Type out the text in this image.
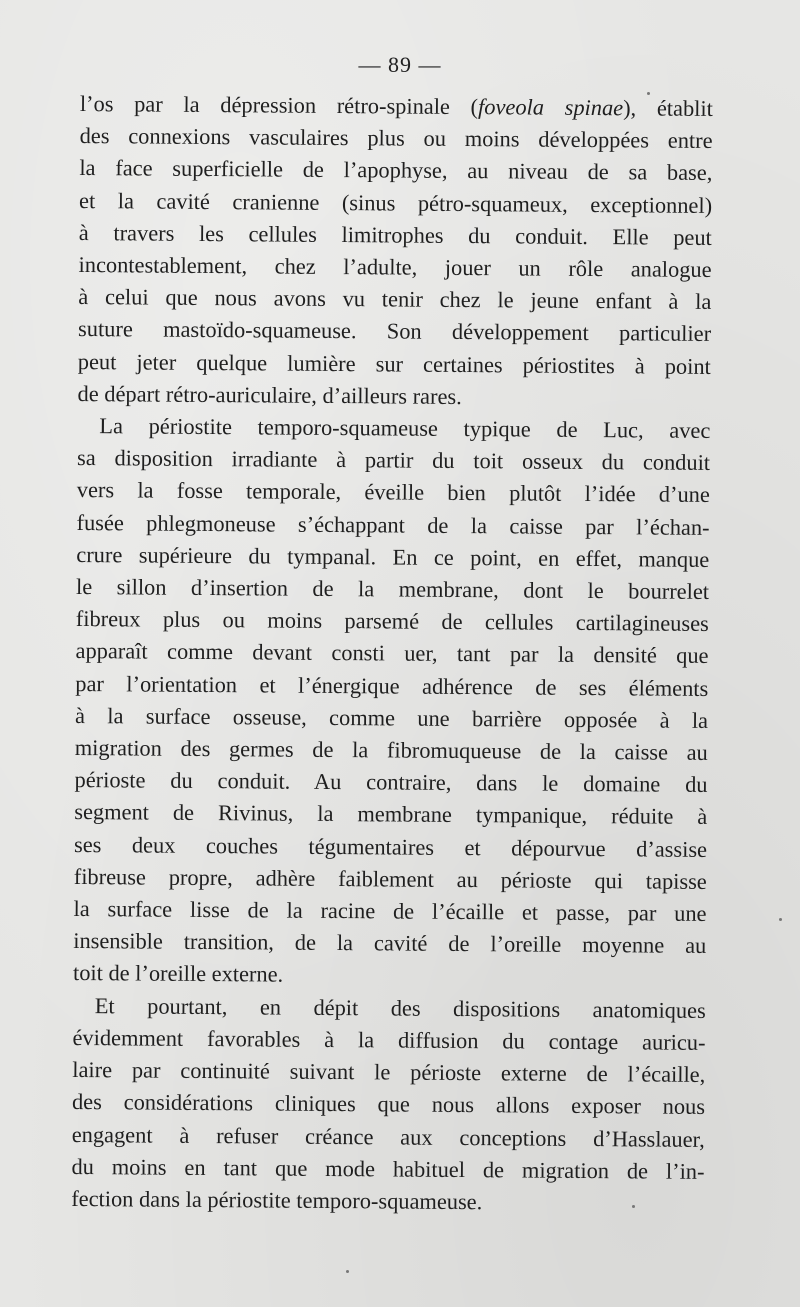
— 89 —
l’os par la dépression rétro-spinale (foveola spinae), établit
des connexions vasculaires plus ou moins développées entre
la face superficielle de l’apophyse, au niveau de sa base,
et la cavité cranienne (sinus pétro-squameux, exceptionnel)
à travers les cellules limitrophes du conduit. Elle peut
incontestablement, chez l’adulte, jouer un rôle analogue
à celui que nous avons vu tenir chez le jeune enfant à la
suture mastoïdo-squameuse. Son développement particulier
peut jeter quelque lumière sur certaines périostites à point
de départ rétro-auriculaire, d’ailleurs rares.
La périostite temporo-squameuse typique de Luc, avec
sa disposition irradiante à partir du toit osseux du conduit
vers la fosse temporale, éveille bien plutôt l’idée d’une
fusée phlegmoneuse s’échappant de la caisse par l’échan-
crure supérieure du tympanal. En ce point, en effet, manque
le sillon d’insertion de la membrane, dont le bourrelet
fibreux plus ou moins parsemé de cellules cartilagineuses
apparaît comme devant consti uer, tant par la densité que
par l’orientation et l’énergique adhérence de ses éléments
à la surface osseuse, comme une barrière opposée à la
migration des germes de la fibromuqueuse de la caisse au
périoste du conduit. Au contraire, dans le domaine du
segment de Rivinus, la membrane tympanique, réduite à
ses deux couches tégumentaires et dépourvue d’assise
fibreuse propre, adhère faiblement au périoste qui tapisse
la surface lisse de la racine de l’écaille et passe, par une
insensible transition, de la cavité de l’oreille moyenne au
toit de l’oreille externe.
Et pourtant, en dépit des dispositions anatomiques
évidemment favorables à la diffusion du contage auricu-
laire par continuité suivant le périoste externe de l’écaille,
des considérations cliniques que nous allons exposer nous
engagent à refuser créance aux conceptions d’Hasslauer,
du moins en tant que mode habituel de migration de l’in-
fection dans la périostite temporo-squameuse.
